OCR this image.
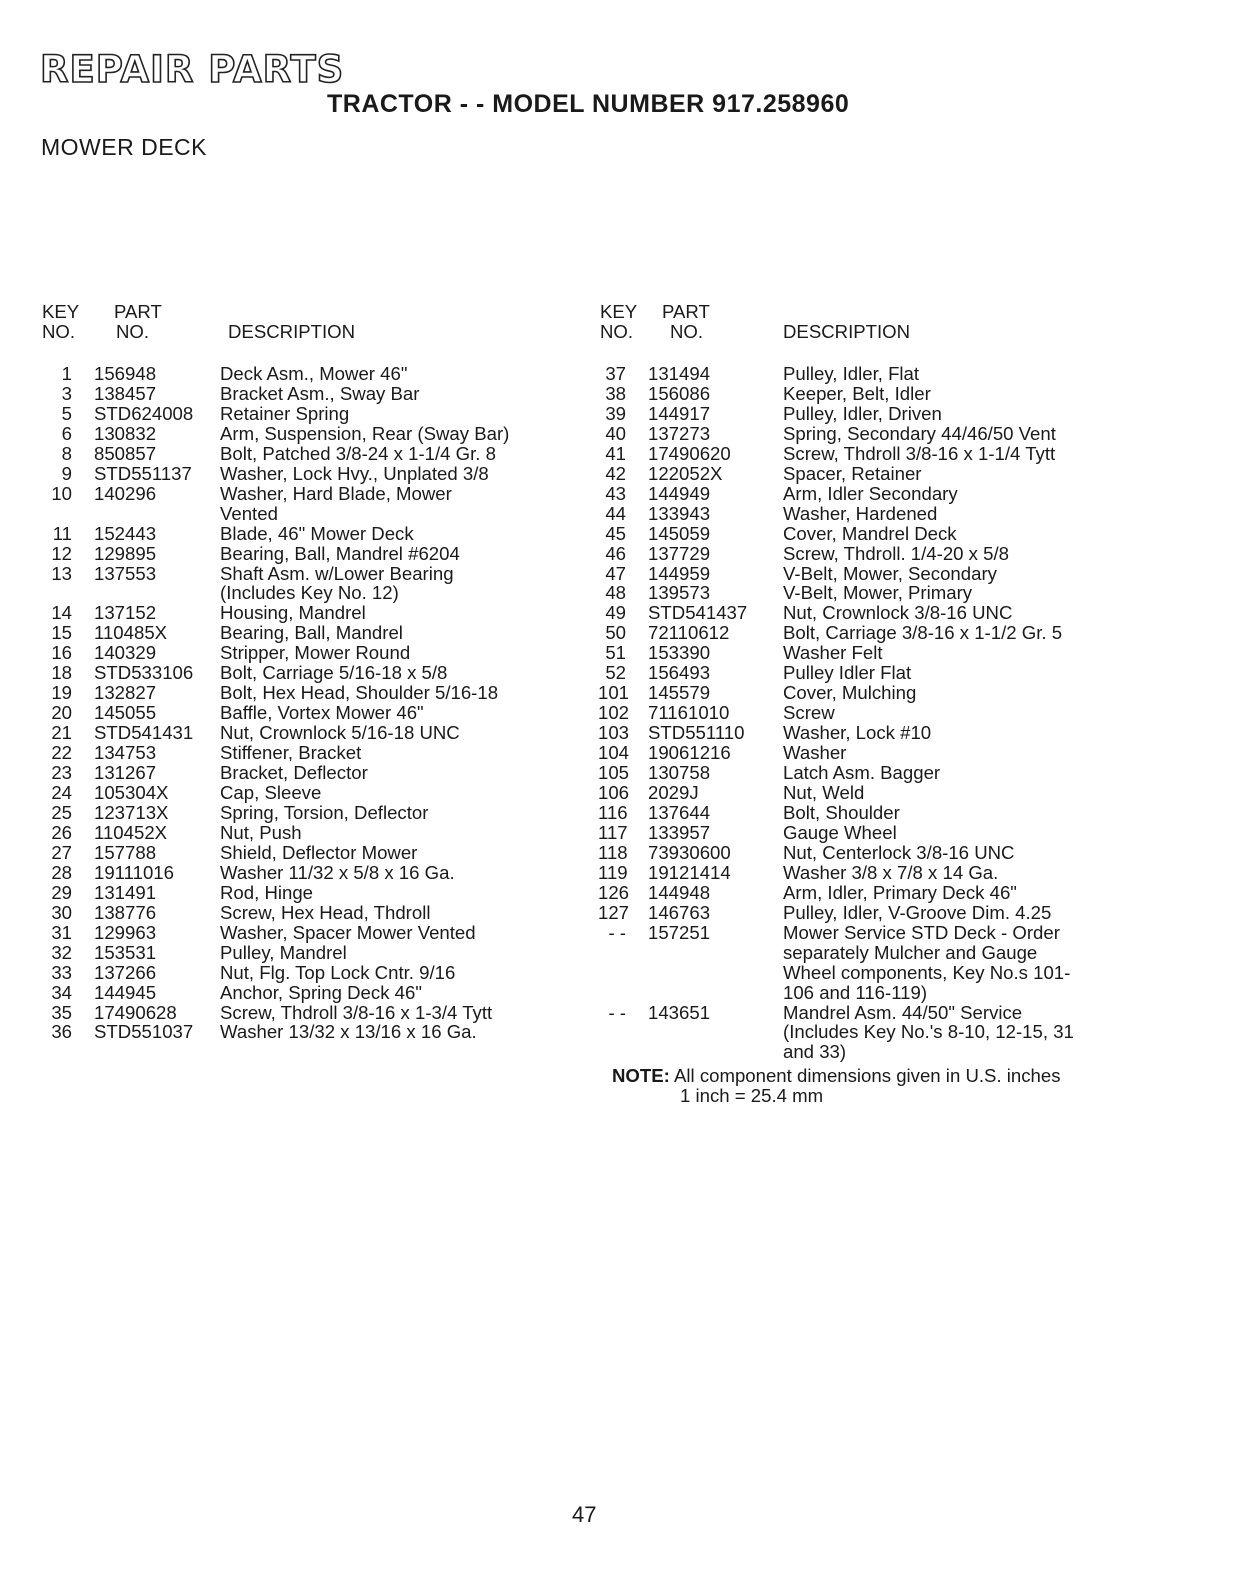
REPAIR PARTS
TRACTOR - - MODEL NUMBER 917.258960
MOWER DECK
KEY
NO.
PART
NO.	DESCRIPTION
1	156948	Deck Asm., Mower 46"
3	138457	Bracket Asm., Sway Bar
5	STD624008	Retainer Spring
6	130832	Arm, Suspension, Rear (Sway Bar)
8	850857	Bolt, Patched 3/8-24 x 1-1/4 Gr. 8
9	STD551137	Washer, Lock Hvy., Unplated 3/8
10	140296	Washer, Hard Blade, Mower
Vented
11	152443	Blade, 46" Mower Deck
12	129895	Bearing, Ball, Mandrel #6204
13	137553	Shaft Asm. w/Lower Bearing
(Includes Key No. 12)
14	137152	Housing, Mandrel
15	110485X	Bearing, Ball, Mandrel
16	140329	Stripper, Mower Round
18	STD533106	Bolt, Carriage 5/16-18 x 5/8
19	132827	Bolt, Hex Head, Shoulder 5/16-18
20	145055	Baffle, Vortex Mower 46"
21	STD541431	Nut, Crownlock 5/16-18 UNC
22	134753	Stiffener, Bracket
23	131267	Bracket, Deflector
24	105304X	Cap, Sleeve
25	123713X	Spring, Torsion, Deflector
26	110452X	Nut, Push
27	157788	Shield, Deflector Mower
28	19111016	Washer 11/32 x 5/8 x 16 Ga.
29	131491	Rod, Hinge
30	138776	Screw, Hex Head, Thdroll
31	129963	Washer, Spacer Mower Vented
32	153531	Pulley, Mandrel
33	137266	Nut, Flg. Top Lock Cntr. 9/16
34	144945	Anchor, Spring Deck 46"
35	17490628	Screw, Thdroll 3/8-16 x 1-3/4 Tytt
36	STD551037	Washer 13/32 x 13/16 x 16 Ga.
KEY
NO.
PART
NO.	DESCRIPTION
37	131494	Pulley, Idler, Flat
38	156086	Keeper, Belt, Idler
39	144917	Pulley, Idler, Driven
40	137273	Spring, Secondary 44/46/50 Vent
41	17490620	Screw, Thdroll 3/8-16 x 1-1/4 Tytt
42	122052X	Spacer, Retainer
43	144949	Arm, Idler Secondary
44	133943	Washer, Hardened
45	145059	Cover, Mandrel Deck
46	137729	Screw, Thdroll. 1/4-20 x 5/8
47	144959	V-Belt, Mower, Secondary
48	139573	V-Belt, Mower, Primary
49	STD541437	Nut, Crownlock 3/8-16 UNC
50	72110612	Bolt, Carriage 3/8-16 x 1-1/2 Gr. 5
51	153390	Washer Felt
52	156493	Pulley Idler Flat
101	145579	Cover, Mulching
102	71161010	Screw
103	STD551110	Washer, Lock #10
104	19061216	Washer
105	130758	Latch Asm. Bagger
106	2029J	Nut, Weld
116	137644	Bolt, Shoulder
117	133957	Gauge Wheel
118	73930600	Nut, Centerlock 3/8-16 UNC
119	19121414	Washer 3/8 x 7/8 x 14 Ga.
126	144948	Arm, Idler, Primary Deck 46"
127	146763	Pulley, Idler, V-Groove Dim. 4.25
- -	157251	Mower Service STD Deck - Order
separately Mulcher and Gauge
Wheel components, Key No.s 101-
106 and 116-119)
- -	143651	Mandrel Asm. 44/50" Service
(Includes Key No.'s 8-10, 12-15, 31
and 33)
NOTE: All component dimensions given in U.S. inches
1 inch = 25.4 mm
47
